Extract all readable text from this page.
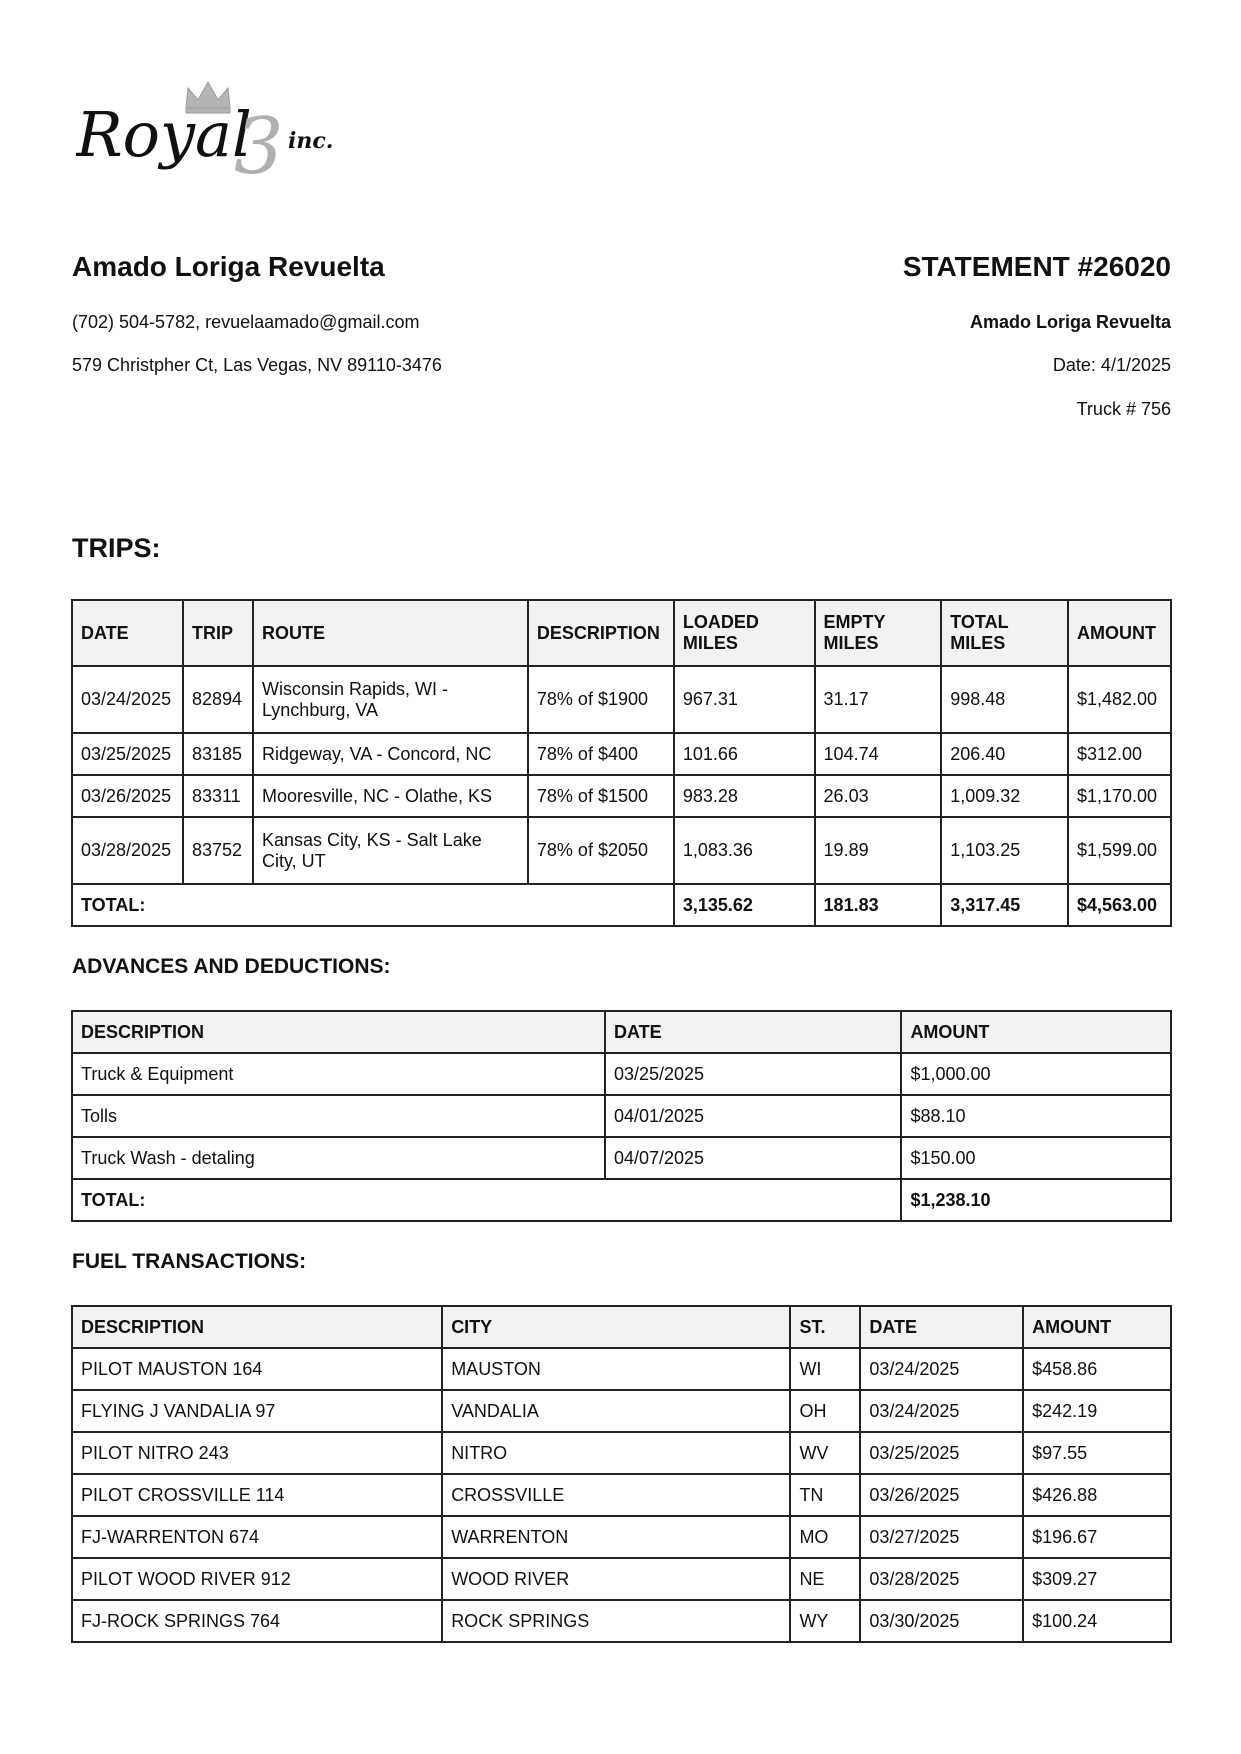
Royal
3 inc.
Amado Loriga Revuelta
(702) 504-5782, revuelaamado@gmail.com
579 Christpher Ct, Las Vegas, NV 89110-3476
STATEMENT #26020
Amado Loriga Revuelta
Date: 4/1/2025
Truck # 756
TRIPS:
DATE	TRIP	ROUTE	DESCRIPTION	LOADED MILES	EMPTY MILES	TOTAL MILES	AMOUNT
03/24/2025	82894	Wisconsin Rapids, WI - Lynchburg, VA	78% of $1900	967.31	31.17	998.48	$1,482.00
03/25/2025	83185	Ridgeway, VA - Concord, NC	78% of $400	101.66	104.74	206.40	$312.00
03/26/2025	83311	Mooresville, NC - Olathe, KS	78% of $1500	983.28	26.03	1,009.32	$1,170.00
03/28/2025	83752	Kansas City, KS - Salt Lake City, UT	78% of $2050	1,083.36	19.89	1,103.25	$1,599.00
TOTAL:				3,135.62	181.83	3,317.45	$4,563.00
ADVANCES AND DEDUCTIONS:
DESCRIPTION	DATE	AMOUNT
Truck & Equipment	03/25/2025	$1,000.00
Tolls	04/01/2025	$88.10
Truck Wash - detaling	04/07/2025	$150.00
TOTAL:		$1,238.10
FUEL TRANSACTIONS:
DESCRIPTION	CITY	ST.	DATE	AMOUNT
PILOT MAUSTON 164	MAUSTON	WI	03/24/2025	$458.86
FLYING J VANDALIA 97	VANDALIA	OH	03/24/2025	$242.19
PILOT NITRO 243	NITRO	WV	03/25/2025	$97.55
PILOT CROSSVILLE 114	CROSSVILLE	TN	03/26/2025	$426.88
FJ-WARRENTON 674	WARRENTON	MO	03/27/2025	$196.67
PILOT WOOD RIVER 912	WOOD RIVER	NE	03/28/2025	$309.27
FJ-ROCK SPRINGS 764	ROCK SPRINGS	WY	03/30/2025	$100.24
